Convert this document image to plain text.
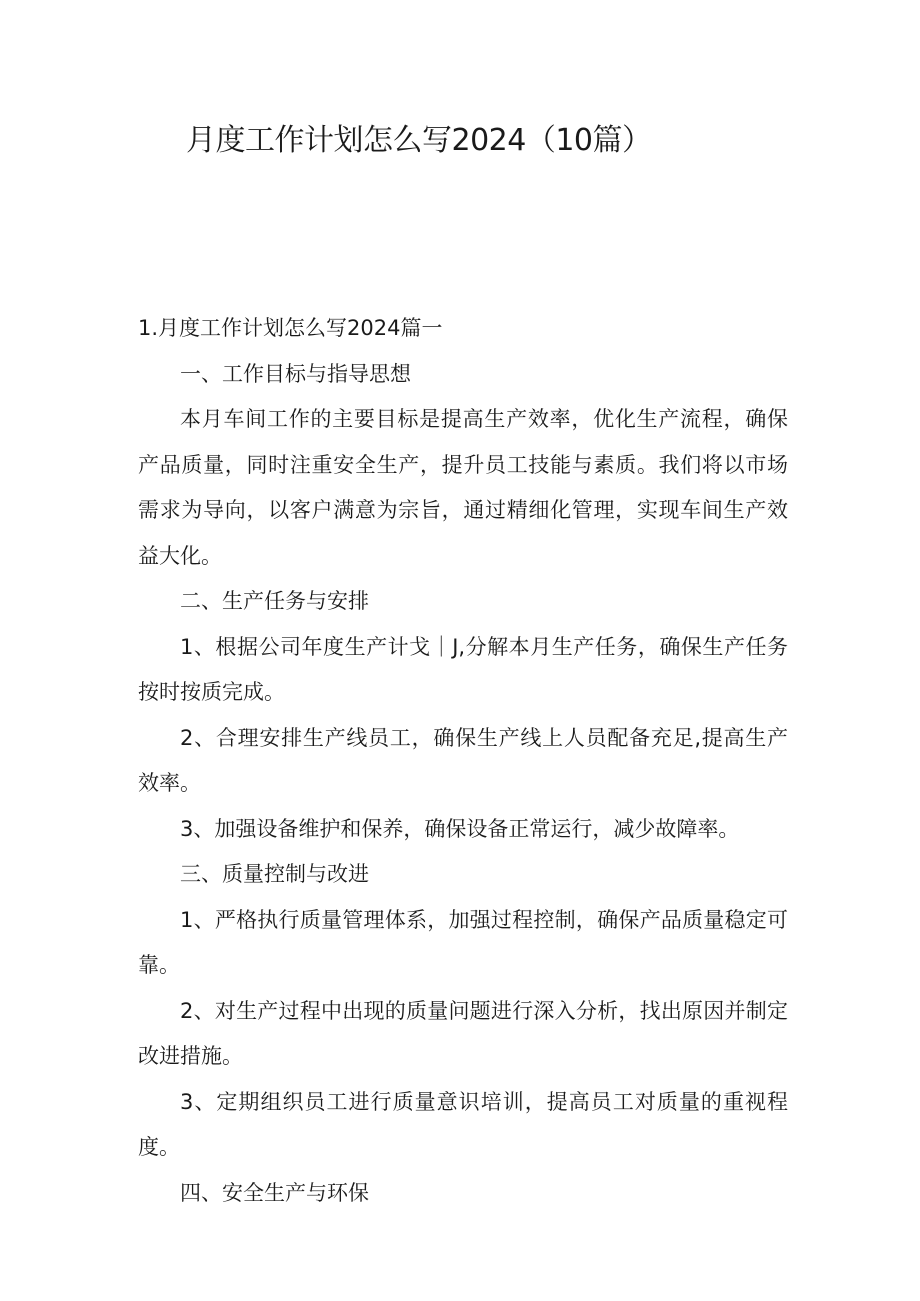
月度工作计划怎么写2024（10篇）

1.月度工作计划怎么写2024篇一

一、工作目标与指导思想

本月车间工作的主要目标是提高生产效率，优化生产流程，确保产品质量，同时注重安全生产，提升员工技能与素质。我们将以市场需求为导向，以客户满意为宗旨，通过精细化管理，实现车间生产效益大化。

二、生产任务与安排

1、根据公司年度生产计戈｜J,分解本月生产任务，确保生产任务按时按质完成。

2、合理安排生产线员工，确保生产线上人员配备充足,提高生产效率。

3、加强设备维护和保养，确保设备正常运行，减少故障率。

三、质量控制与改进

1、严格执行质量管理体系，加强过程控制，确保产品质量稳定可靠。

2、对生产过程中出现的质量问题进行深入分析，找出原因并制定改进措施。

3、定期组织员工进行质量意识培训，提高员工对质量的重视程度。

四、安全生产与环保
